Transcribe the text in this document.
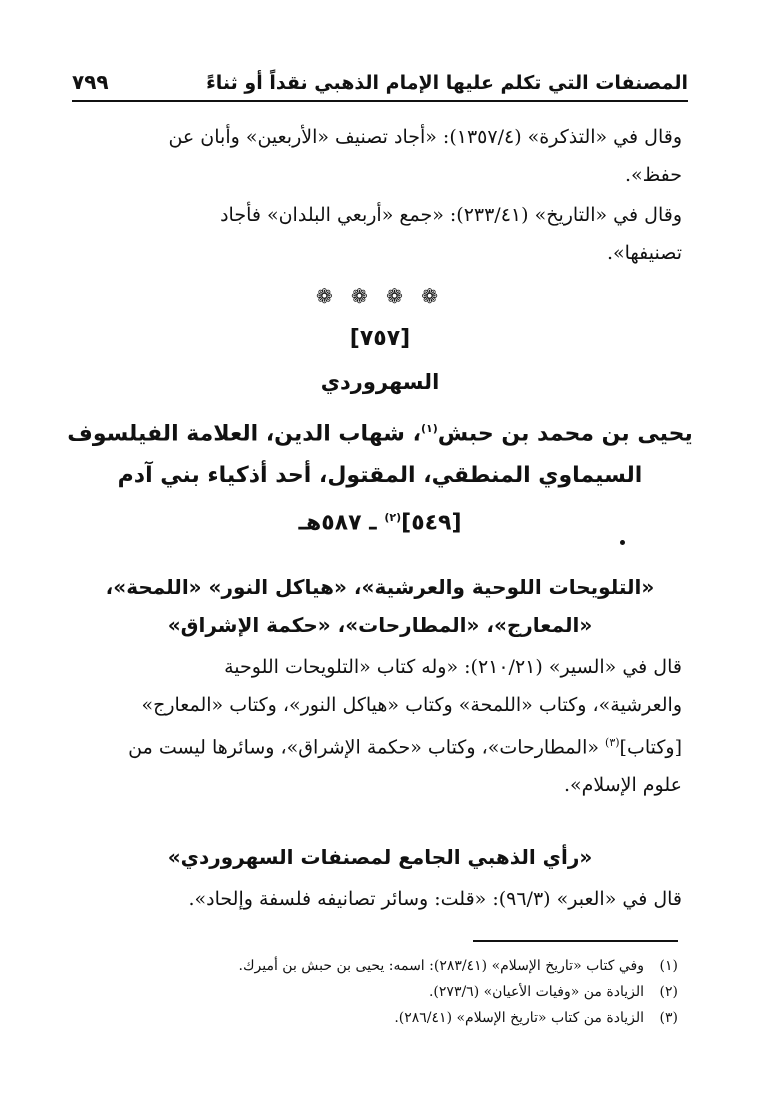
المصنفات التي تكلم عليها الإمام الذهبي نقداً أو ثناءً
٧٩٩
وقال في «التذكرة» (١٣٥٧/٤): «أجاد تصنيف «الأربعين» وأبان عن
حفظ».
وقال في «التاريخ» (٢٣٣/٤١): «جمع «أربعي البلدان» فأجاد
تصنيفها».
❁ ❁ ❁ ❁
[٧٥٧]
السهروردي
يحيى بن محمد بن حبش$^{(١)}$، شهاب الدين، العلامة الفيلسوف
السيماوي المنطقي، المقتول، أحد أذكياء بني آدم
[٥٤٩]$^{(٢)}$ ـ ٥٨٧هـ
«التلويحات اللوحية والعرشية»، «هياكل النور» «اللمحة»،
«المعارج»، «المطارحات»، «حكمة الإشراق»
قال في «السير» (٢١٠/٢١): «وله كتاب «التلويحات اللوحية
والعرشية»، وكتاب «اللمحة» وكتاب «هياكل النور»، وكتاب «المعارج»
[وكتاب]$^{(٣)}$ «المطارحات»، وكتاب «حكمة الإشراق»، وسائرها ليست من
علوم الإسلام».
«رأي الذهبي الجامع لمصنفات السهروردي»
قال في «العبر» (٩٦/٣): «قلت: وسائر تصانيفه فلسفة وإلحاد».
(١)وفي كتاب «تاريخ الإسلام» (٢٨٣/٤١): اسمه: يحيى بن حبش بن أميرك.
(٢)الزيادة من «وفيات الأعيان» (٢٧٣/٦).
(٣)الزيادة من كتاب «تاريخ الإسلام» (٢٨٦/٤١).
